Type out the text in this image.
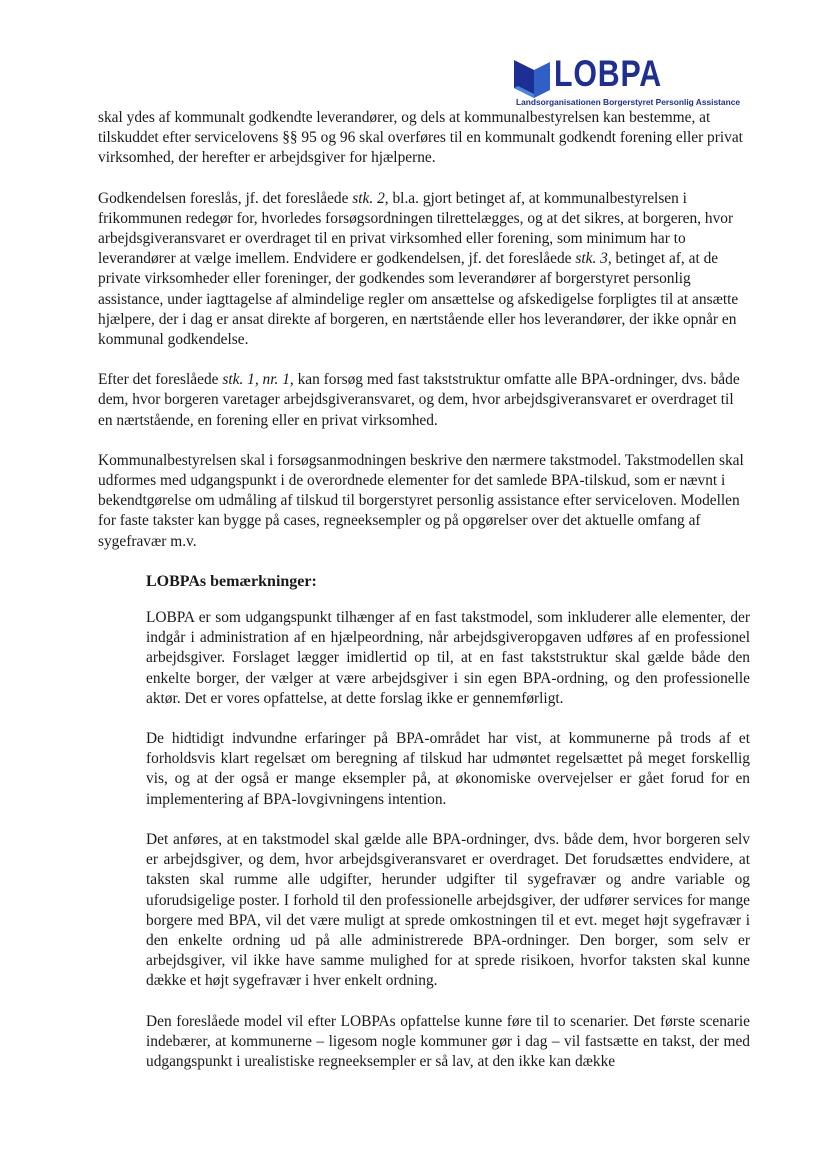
LOBPA
Landsorganisationen Borgerstyret Personlig Assistance

skal ydes af kommunalt godkendte leverandører, og dels at kommunalbestyrelsen kan bestemme, at tilskuddet efter servicelovens §§ 95 og 96 skal overføres til en kommunalt godkendt forening eller privat virksomhed, der herefter er arbejdsgiver for hjælperne.

Godkendelsen foreslås, jf. det foreslåede stk. 2, bl.a. gjort betinget af, at kommunalbestyrelsen i frikommunen redegør for, hvorledes forsøgsordningen tilrettelægges, og at det sikres, at borgeren, hvor arbejdsgiveransvaret er overdraget til en privat virksomhed eller forening, som minimum har to leverandører at vælge imellem. Endvidere er godkendelsen, jf. det foreslåede stk. 3, betinget af, at de private virksomheder eller foreninger, der godkendes som leverandører af borgerstyret personlig assistance, under iagttagelse af almindelige regler om ansættelse og afskedigelse forpligtes til at ansætte hjælpere, der i dag er ansat direkte af borgeren, en nærtstående eller hos leverandører, der ikke opnår en kommunal godkendelse.

Efter det foreslåede stk. 1, nr. 1, kan forsøg med fast takststruktur omfatte alle BPA-ordninger, dvs. både dem, hvor borgeren varetager arbejdsgiveransvaret, og dem, hvor arbejdsgiveransvaret er overdraget til en nærtstående, en forening eller en privat virksomhed.

Kommunalbestyrelsen skal i forsøgsanmodningen beskrive den nærmere takstmodel. Takstmodellen skal udformes med udgangspunkt i de overordnede elementer for det samlede BPA-tilskud, som er nævnt i bekendtgørelse om udmåling af tilskud til borgerstyret personlig assistance efter serviceloven. Modellen for faste takster kan bygge på cases, regneeksempler og på opgørelser over det aktuelle omfang af sygefravær m.v.

LOBPAs bemærkninger:

LOBPA er som udgangspunkt tilhænger af en fast takstmodel, som inkluderer alle elementer, der indgår i administration af en hjælpeordning, når arbejdsgiveropgaven udføres af en professionel arbejdsgiver. Forslaget lægger imidlertid op til, at en fast takststruktur skal gælde både den enkelte borger, der vælger at være arbejdsgiver i sin egen BPA-ordning, og den professionelle aktør. Det er vores opfattelse, at dette forslag ikke er gennemførligt.

De hidtidigt indvundne erfaringer på BPA-området har vist, at kommunerne på trods af et forholdsvis klart regelsæt om beregning af tilskud har udmøntet regelsættet på meget forskellig vis, og at der også er mange eksempler på, at økonomiske overvejelser er gået forud for en implementering af BPA-lovgivningens intention.

Det anføres, at en takstmodel skal gælde alle BPA-ordninger, dvs. både dem, hvor borgeren selv er arbejdsgiver, og dem, hvor arbejdsgiveransvaret er overdraget. Det forudsættes endvidere, at taksten skal rumme alle udgifter, herunder udgifter til sygefravær og andre variable og uforudsigelige poster. I forhold til den professionelle arbejdsgiver, der udfører services for mange borgere med BPA, vil det være muligt at sprede omkostningen til et evt. meget højt sygefravær i den enkelte ordning ud på alle administrerede BPA-ordninger. Den borger, som selv er arbejdsgiver, vil ikke have samme mulighed for at sprede risikoen, hvorfor taksten skal kunne dække et højt sygefravær i hver enkelt ordning.

Den foreslåede model vil efter LOBPAs opfattelse kunne føre til to scenarier. Det første scenarie indebærer, at kommunerne – ligesom nogle kommuner gør i dag – vil fastsætte en takst, der med udgangspunkt i urealistiske regneeksempler er så lav, at den ikke kan dække
